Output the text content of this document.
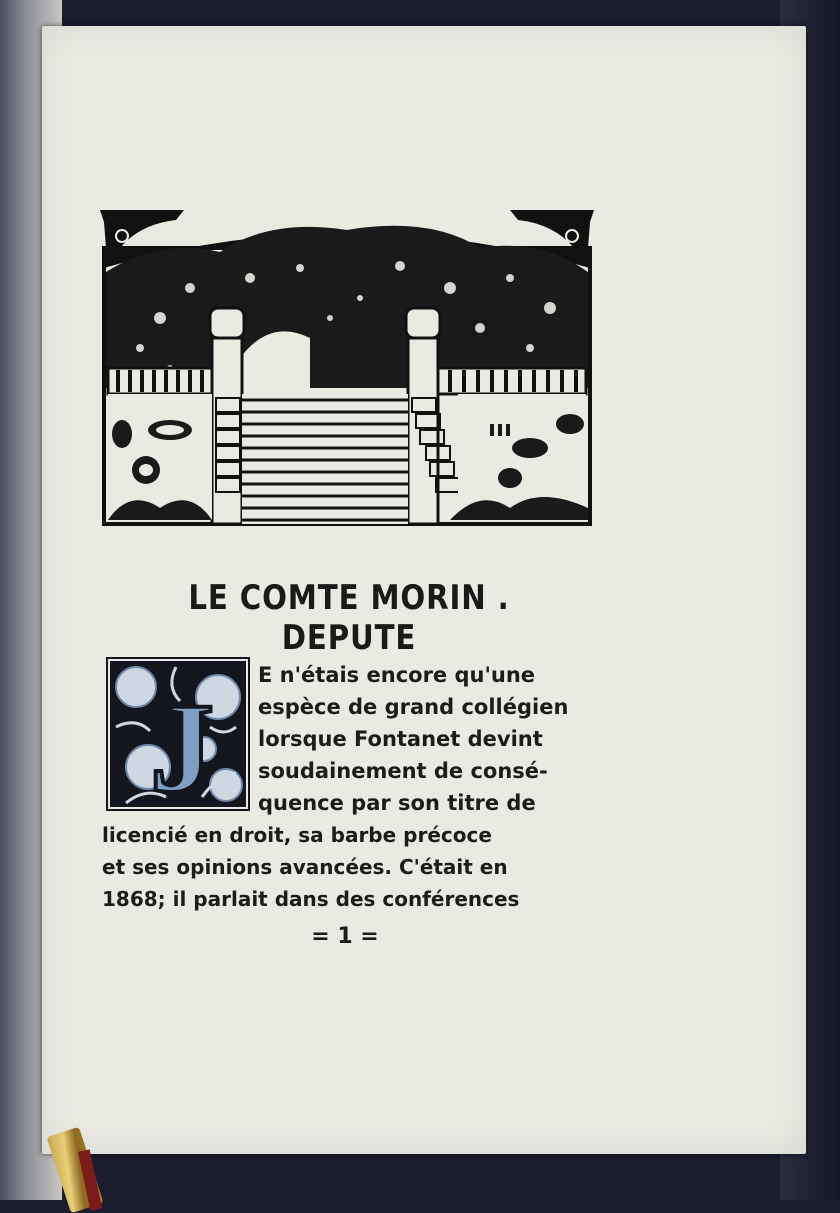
LE COMTE MORIN . DEPUTE
J

E n'étais encore qu'une

espèce de grand collégien

lorsque Fontanet devint

soudainement de consé-

quence par son titre de

licencié en droit, sa barbe précoce

et ses opinions avancées. C'était en

1868; il parlait dans des conférences

= 1 =
